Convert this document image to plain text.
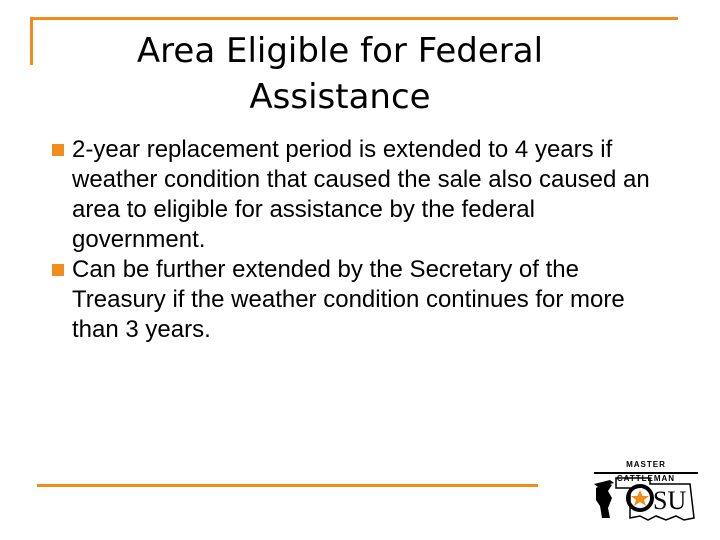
Area Eligible for Federal Assistance
2-year replacement period is extended to 4 years if weather condition that caused the sale also caused an area to eligible for assistance by the federal government.
Can be further extended by the Secretary of the Treasury if the weather condition continues for more than 3 years.
MASTER CATTLEMAN
SU
